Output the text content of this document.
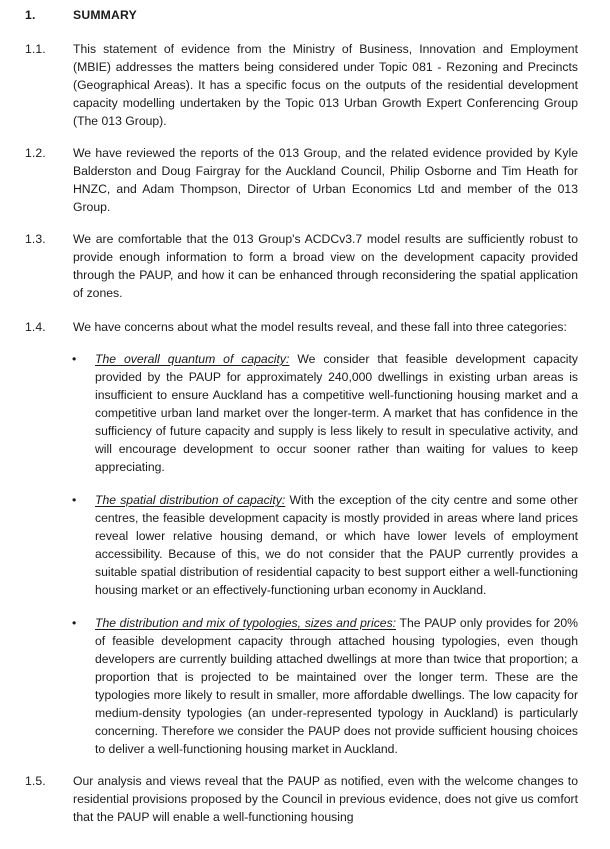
1.	SUMMARY
1.1.	This statement of evidence from the Ministry of Business, Innovation and Employment (MBIE) addresses the matters being considered under Topic 081 - Rezoning and Precincts (Geographical Areas). It has a specific focus on the outputs of the residential development capacity modelling undertaken by the Topic 013 Urban Growth Expert Conferencing Group (The 013 Group).
1.2.	We have reviewed the reports of the 013 Group, and the related evidence provided by Kyle Balderston and Doug Fairgray for the Auckland Council, Philip Osborne and Tim Heath for HNZC, and Adam Thompson, Director of Urban Economics Ltd and member of the 013 Group.
1.3.	We are comfortable that the 013 Group's ACDCv3.7 model results are sufficiently robust to provide enough information to form a broad view on the development capacity provided through the PAUP, and how it can be enhanced through reconsidering the spatial application of zones.
1.4.	We have concerns about what the model results reveal, and these fall into three categories:
• The overall quantum of capacity: We consider that feasible development capacity provided by the PAUP for approximately 240,000 dwellings in existing urban areas is insufficient to ensure Auckland has a competitive well-functioning housing market and a competitive urban land market over the longer-term. A market that has confidence in the sufficiency of future capacity and supply is less likely to result in speculative activity, and will encourage development to occur sooner rather than waiting for values to keep appreciating.
• The spatial distribution of capacity: With the exception of the city centre and some other centres, the feasible development capacity is mostly provided in areas where land prices reveal lower relative housing demand, or which have lower levels of employment accessibility. Because of this, we do not consider that the PAUP currently provides a suitable spatial distribution of residential capacity to best support either a well-functioning housing market or an effectively-functioning urban economy in Auckland.
• The distribution and mix of typologies, sizes and prices: The PAUP only provides for 20% of feasible development capacity through attached housing typologies, even though developers are currently building attached dwellings at more than twice that proportion; a proportion that is projected to be maintained over the longer term. These are the typologies more likely to result in smaller, more affordable dwellings. The low capacity for medium-density typologies (an under-represented typology in Auckland) is particularly concerning. Therefore we consider the PAUP does not provide sufficient housing choices to deliver a well-functioning housing market in Auckland.
1.5.	Our analysis and views reveal that the PAUP as notified, even with the welcome changes to residential provisions proposed by the Council in previous evidence, does not give us comfort that the PAUP will enable a well-functioning housing
